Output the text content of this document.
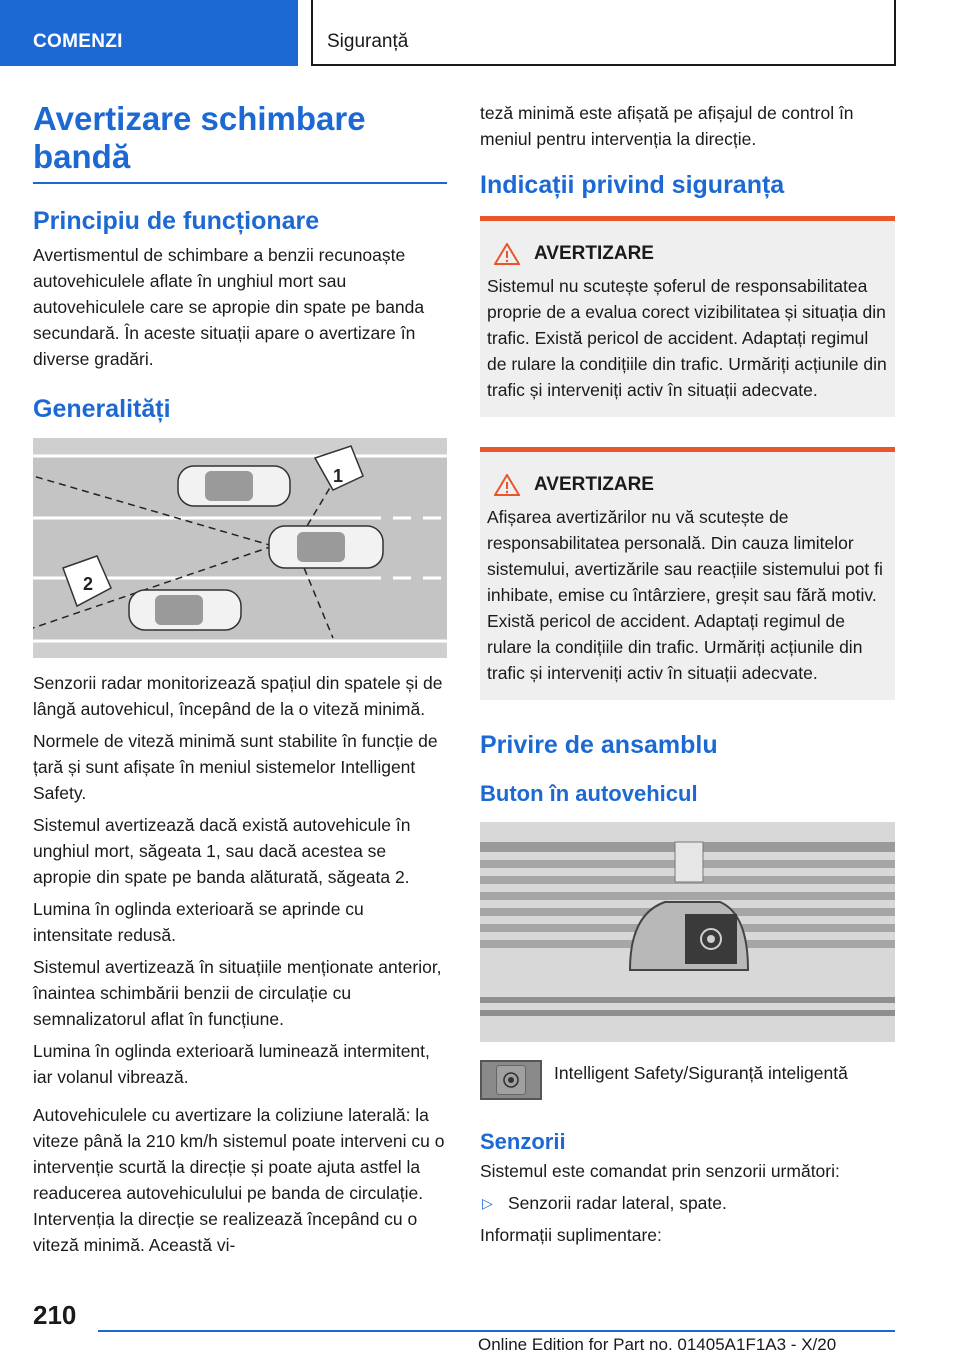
COMENZI	Siguranță
Avertizare schimbare bandă
Principiu de funcționare

Avertismentul de schimbare a benzii recunoaște autovehiculele aflate în unghiul mort sau autovehiculele care se apropie din spate pe banda secundară. În aceste situații apare o avertizare în diverse gradări.

Generalități
1
2

Senzorii radar monitorizează spațiul din spatele și de lângă autovehicul, începând de la o viteză minimă.

Normele de viteză minimă sunt stabilite în funcție de țară și sunt afișate în meniul sistemelor Intelligent Safety.

Sistemul avertizează dacă există autovehicule în unghiul mort, săgeata 1, sau dacă acestea se apropie din spate pe banda alăturată, săgeata 2.

Lumina în oglinda exterioară se aprinde cu intensitate redusă.

Sistemul avertizează în situațiile menționate anterior, înaintea schimbării benzii de circulație cu semnalizatorul aflat în funcțiune.

Lumina în oglinda exterioară luminează intermitent, iar volanul vibrează.

Autovehiculele cu avertizare la coliziune laterală: la viteze până la 210 km/h sistemul poate interveni cu o intervenție scurtă la direcție și poate ajuta astfel la readucerea autovehiculului pe banda de circulație. Intervenția la direcție se realizează începând cu o viteză minimă. Această vi-

teză minimă este afișată pe afișajul de control în meniul pentru intervenția la direcție.

Indicații privind siguranța
AVERTIZARE

Sistemul nu scutește șoferul de responsabilitatea proprie de a evalua corect vizibilitatea și situația din trafic. Există pericol de accident. Adaptați regimul de rulare la condițiile din trafic. Urmăriți acțiunile din trafic și interveniți activ în situații adecvate.

AVERTIZARE

Afișarea avertizărilor nu vă scutește de responsabilitatea personală. Din cauza limitelor sistemului, avertizările sau reacțiile sistemului pot fi inhibate, emise cu întârziere, greșit sau fără motiv. Există pericol de accident. Adaptați regimul de rulare la condițiile din trafic. Urmăriți acțiunile din trafic și interveniți activ în situații adecvate.

Privire de ansamblu
Buton în autovehicul

Intelligent Safety/Siguranță inteligentă

Senzorii

Sistemul este comandat prin senzorii următori:

▷ Senzorii radar lateral, spate.

Informații suplimentare:

210
Online Edition for Part no. 01405A1F1A3 - X/20
